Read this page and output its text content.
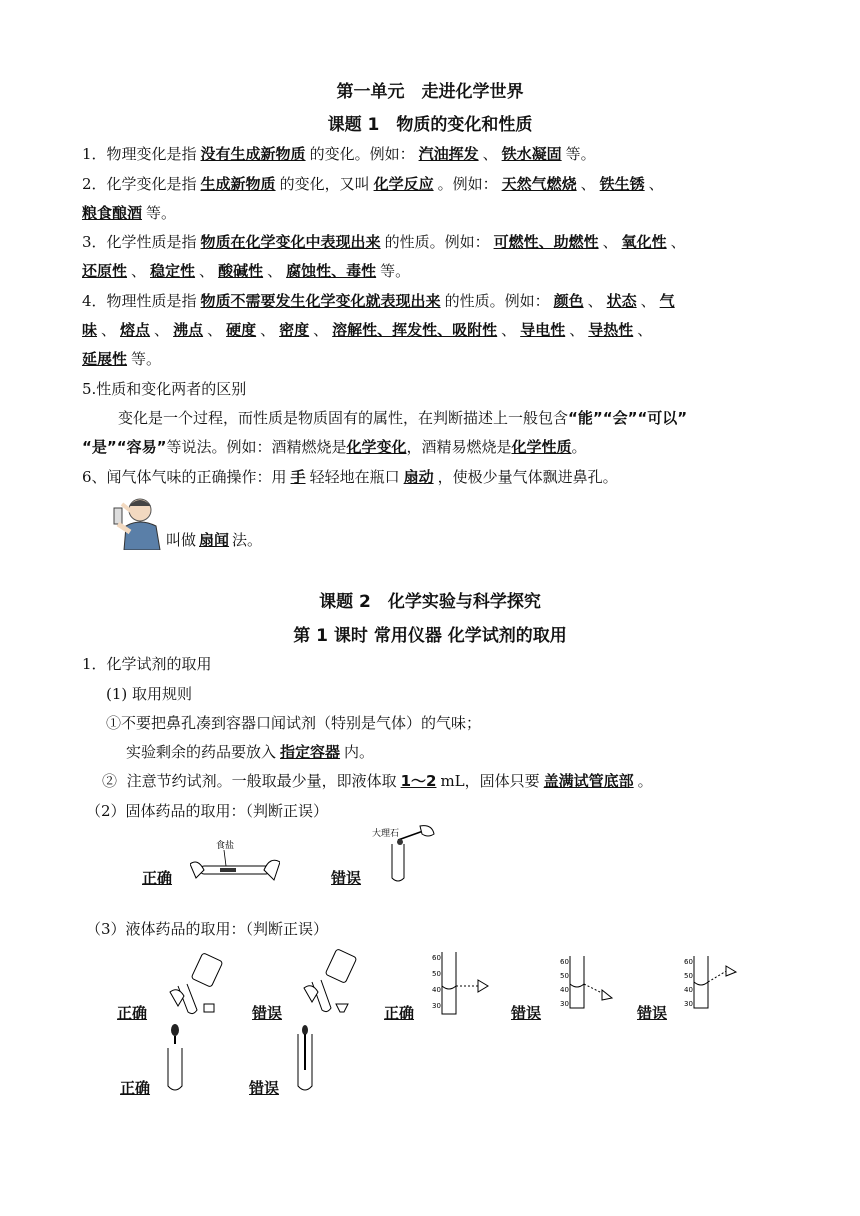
第一单元　走进化学世界
课题 1　物质的变化和性质
1．物理变化是指 没有生成新物质 的变化。例如： 汽油挥发 、 铁水凝固 等。
2．化学变化是指 生成新物质 的变化，又叫 化学反应 。例如： 天然气燃烧 、 铁生锈 、
粮食酿酒 等。
3．化学性质是指 物质在化学变化中表现出来 的性质。例如： 可燃性、助燃性 、 氧化性 、
还原性 、 稳定性 、 酸碱性 、 腐蚀性、毒性 等。
4．物理性质是指 物质不需要发生化学变化就表现出来 的性质。例如： 颜色 、 状态 、 气
味 、 熔点 、 沸点 、 硬度 、 密度 、 溶解性、挥发性、吸附性 、 导电性 、 导热性 、
延展性 等。
5.性质和变化两者的区别
变化是一个过程，而性质是物质固有的属性，在判断描述上一般包含“能”“会”“可以”
“是”“容易”等说法。例如：酒精燃烧是化学变化，酒精易燃烧是化学性质。
6、闻气体气味的正确操作：用 手 轻轻地在瓶口 扇动 ，使极少量气体飘进鼻孔。
叫做 扇闻 法。
课题 2　化学实验与科学探究
第 1 课时 常用仪器 化学试剂的取用
1．化学试剂的取用
(1) 取用规则
①不要把鼻孔凑到容器口闻试剂（特别是气体）的气味；
实验剩余的药品要放入 指定容器 内。
② 注意节约试剂。一般取最少量，即液体取 1～2 mL，固体只要 盖满试管底部 。
（2）固体药品的取用：（判断正误）
正确
食盐
错误
大理石
（3）液体药品的取用：（判断正误）
正确	错误	正确
60
50
40
30	错误
60
50
40
30	错误
60
50
40
30
正确	错误
